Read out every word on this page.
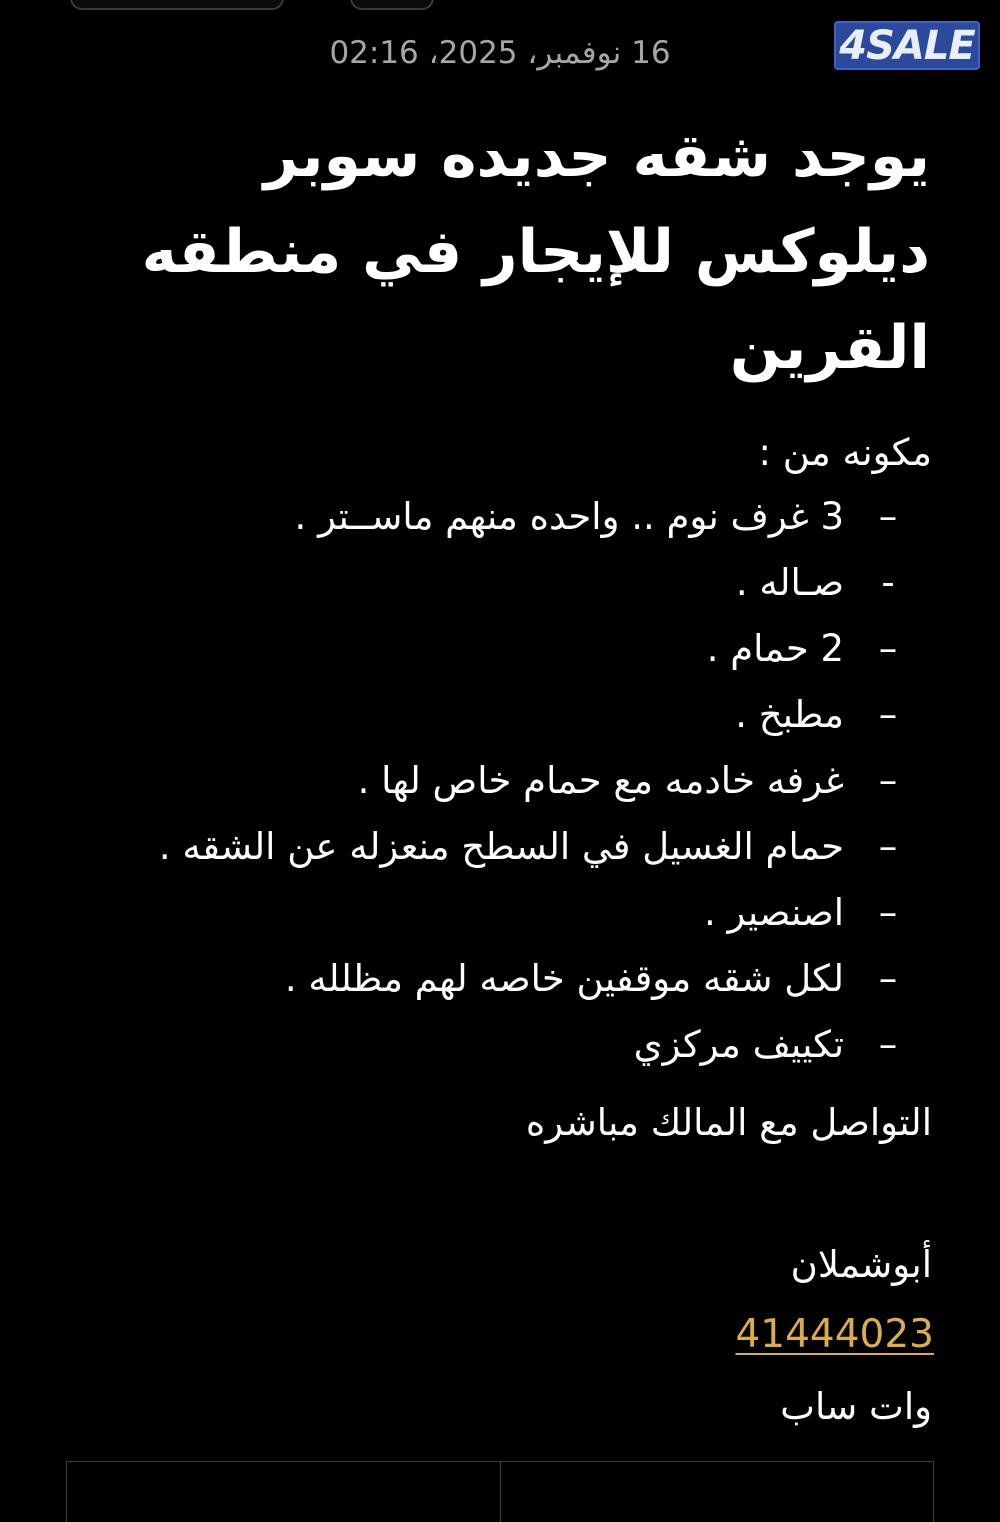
4SALE
16 نوفمبر، 2025، 02:16
يوجد شقه جديده سوبر ديلوكس للإيجار في منطقه القرين
مكونه من :
–3 غرف نوم .. واحده منهم ماســتر .
-صـاله .
–2 حمام .
–مطبخ .
–غرفه خادمه مع حمام خاص لها .
–حمام الغسيل في السطح منعزله عن الشقه .
–اصنصير .
–لكل شقه موقفين خاصه لهم مظلله .
–تكييف مركزي
التواصل مع المالك مباشره
أبوشملان
41444023
وات ساب
